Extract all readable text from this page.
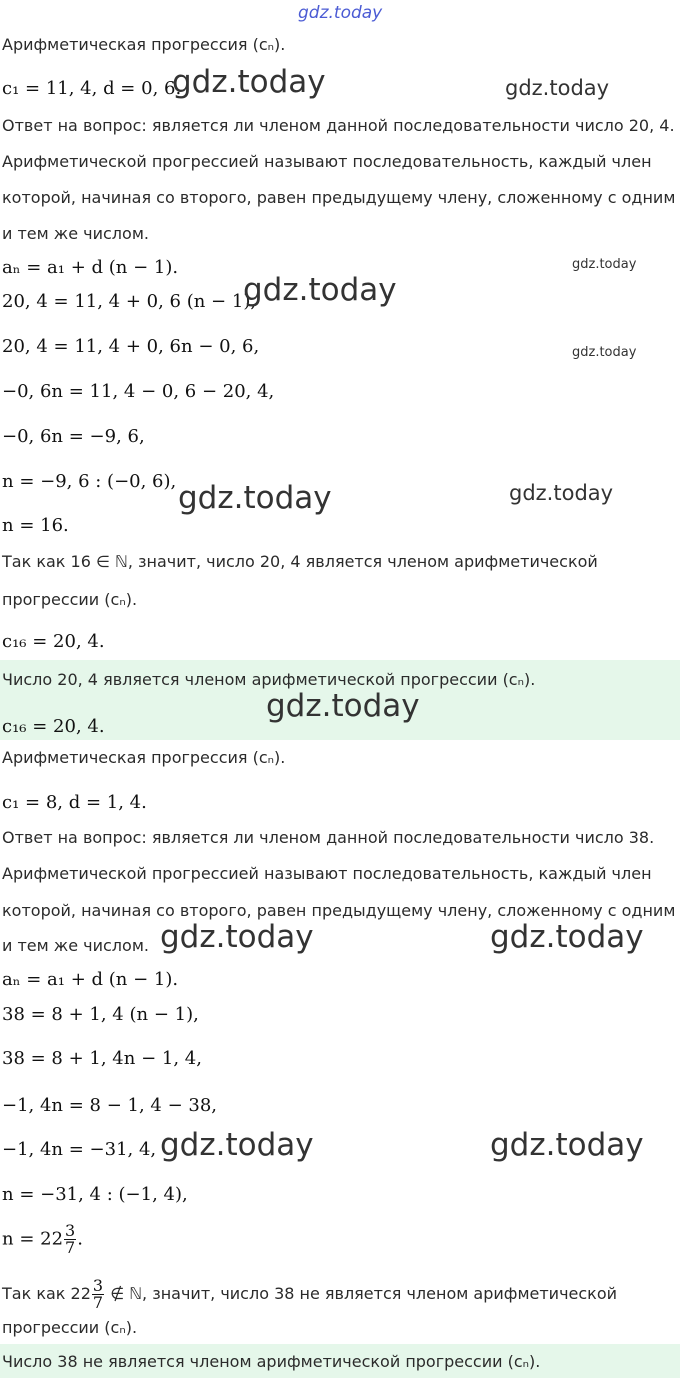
gdz.today
Арифметическая прогрессия (cₙ).
c₁ = 11, 4, d = 0, 6.
Ответ на вопрос: является ли членом данной последовательности число 20, 4.
Арифметической прогрессией называют последовательность, каждый член
которой, начиная со второго, равен предыдущему члену, сложенному с одним
и тем же числом.
aₙ = a₁ + d (n − 1).
20, 4 = 11, 4 + 0, 6 (n − 1),
20, 4 = 11, 4 + 0, 6n − 0, 6,
−0, 6n = 11, 4 − 0, 6 − 20, 4,
−0, 6n = −9, 6,
n = −9, 6 : (−0, 6),
n = 16.
Так как 16 ∈ ℕ, значит, число 20, 4 является членом арифметической
прогрессии (cₙ).
c₁₆ = 20, 4.
Число 20, 4 является членом арифметической прогрессии (cₙ).
c₁₆ = 20, 4.
Арифметическая прогрессия (cₙ).
c₁ = 8, d = 1, 4.
Ответ на вопрос: является ли членом данной последовательности число 38.
Арифметической прогрессией называют последовательность, каждый член
которой, начиная со второго, равен предыдущему члену, сложенному с одним
и тем же числом.
aₙ = a₁ + d (n − 1).
38 = 8 + 1, 4 (n − 1),
38 = 8 + 1, 4n − 1, 4,
−1, 4n = 8 − 1, 4 − 38,
−1, 4n = −31, 4,
n = −31, 4 : (−1, 4),
$n = 22 \frac{3}{7}$ .
Так как $22 \frac{3}{7}$ ∉ ℕ, значит, число 38 не является членом арифметической
прогрессии (cₙ).
Число 38 не является членом арифметической прогрессии (cₙ).
gdz.today	gdz.today
gdz.today
gdz.today
gdz.today
gdz.today	gdz.today
gdz.today
gdz.today	gdz.today
gdz.today	gdz.today
